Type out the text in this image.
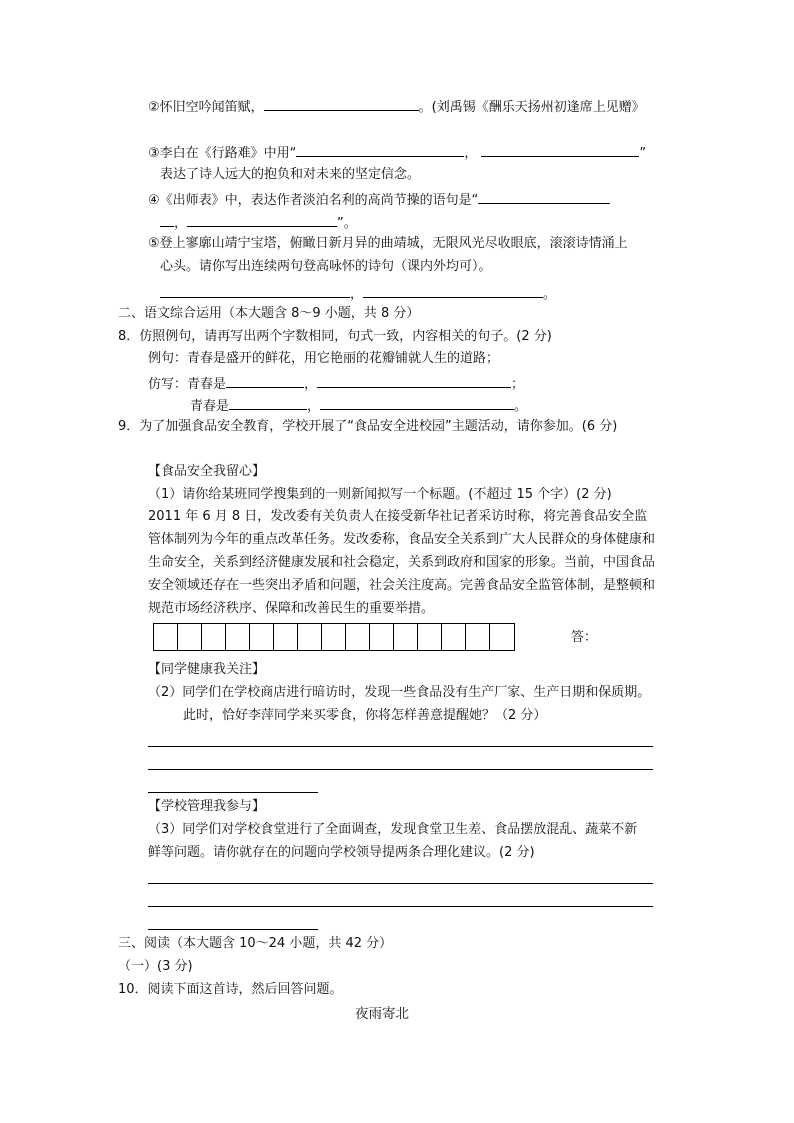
②怀旧空吟闻笛赋，	。(刘禹锡《酬乐天扬州初逢席上见赠》
③李白在《行路难》中用“	，	”
表达了诗人远大的抱负和对未来的坚定信念。
④《出师表》中，表达作者淡泊名利的高尚节操的语句是“
，	”。
⑤登上寥廓山靖宁宝塔，俯瞰日新月异的曲靖城，无限风光尽收眼底，滚滚诗情涌上
心头。请你写出连续两句登高咏怀的诗句（课内外均可）。
，	。
二、语文综合运用（本大题含 8～9 小题，共 8 分）
8．仿照例句，请再写出两个字数相同，句式一致，内容相关的句子。(2 分)
例句：青春是盛开的鲜花，用它艳丽的花瓣铺就人生的道路；
仿写：青春是	，	；
青春是	，	。
9．为了加强食品安全教育，学校开展了“食品安全进校园”主题活动，请你参加。(6 分)
【食品安全我留心】
（1）请你给某班同学搜集到的一则新闻拟写一个标题。(不超过 15 个字）(2 分)
2011 年 6 月 8 日，发改委有关负责人在接受新华社记者采访时称，将完善食品安全监
管体制列为今年的重点改革任务。发改委称，食品安全关系到广大人民群众的身体健康和
生命安全，关系到经济健康发展和社会稳定，关系到政府和国家的形象。当前，中国食品
安全领域还存在一些突出矛盾和问题，社会关注度高。完善食品安全监管体制，是整顿和
规范市场经济秩序、保障和改善民生的重要举措。
答：
【同学健康我关注】
（2）同学们在学校商店进行暗访时，发现一些食品没有生产厂家、生产日期和保质期。
此时，恰好李萍同学来买零食，你将怎样善意提醒她？（2 分）
【学校管理我参与】
（3）同学们对学校食堂进行了全面调查，发现食堂卫生差、食品摆放混乱、蔬菜不新
鲜等问题。请你就存在的问题向学校领导提两条合理化建议。(2 分)
三、阅读（本大题含 10～24 小题，共 42 分）
（一）(3 分)
10．阅读下面这首诗，然后回答问题。
夜雨寄北
